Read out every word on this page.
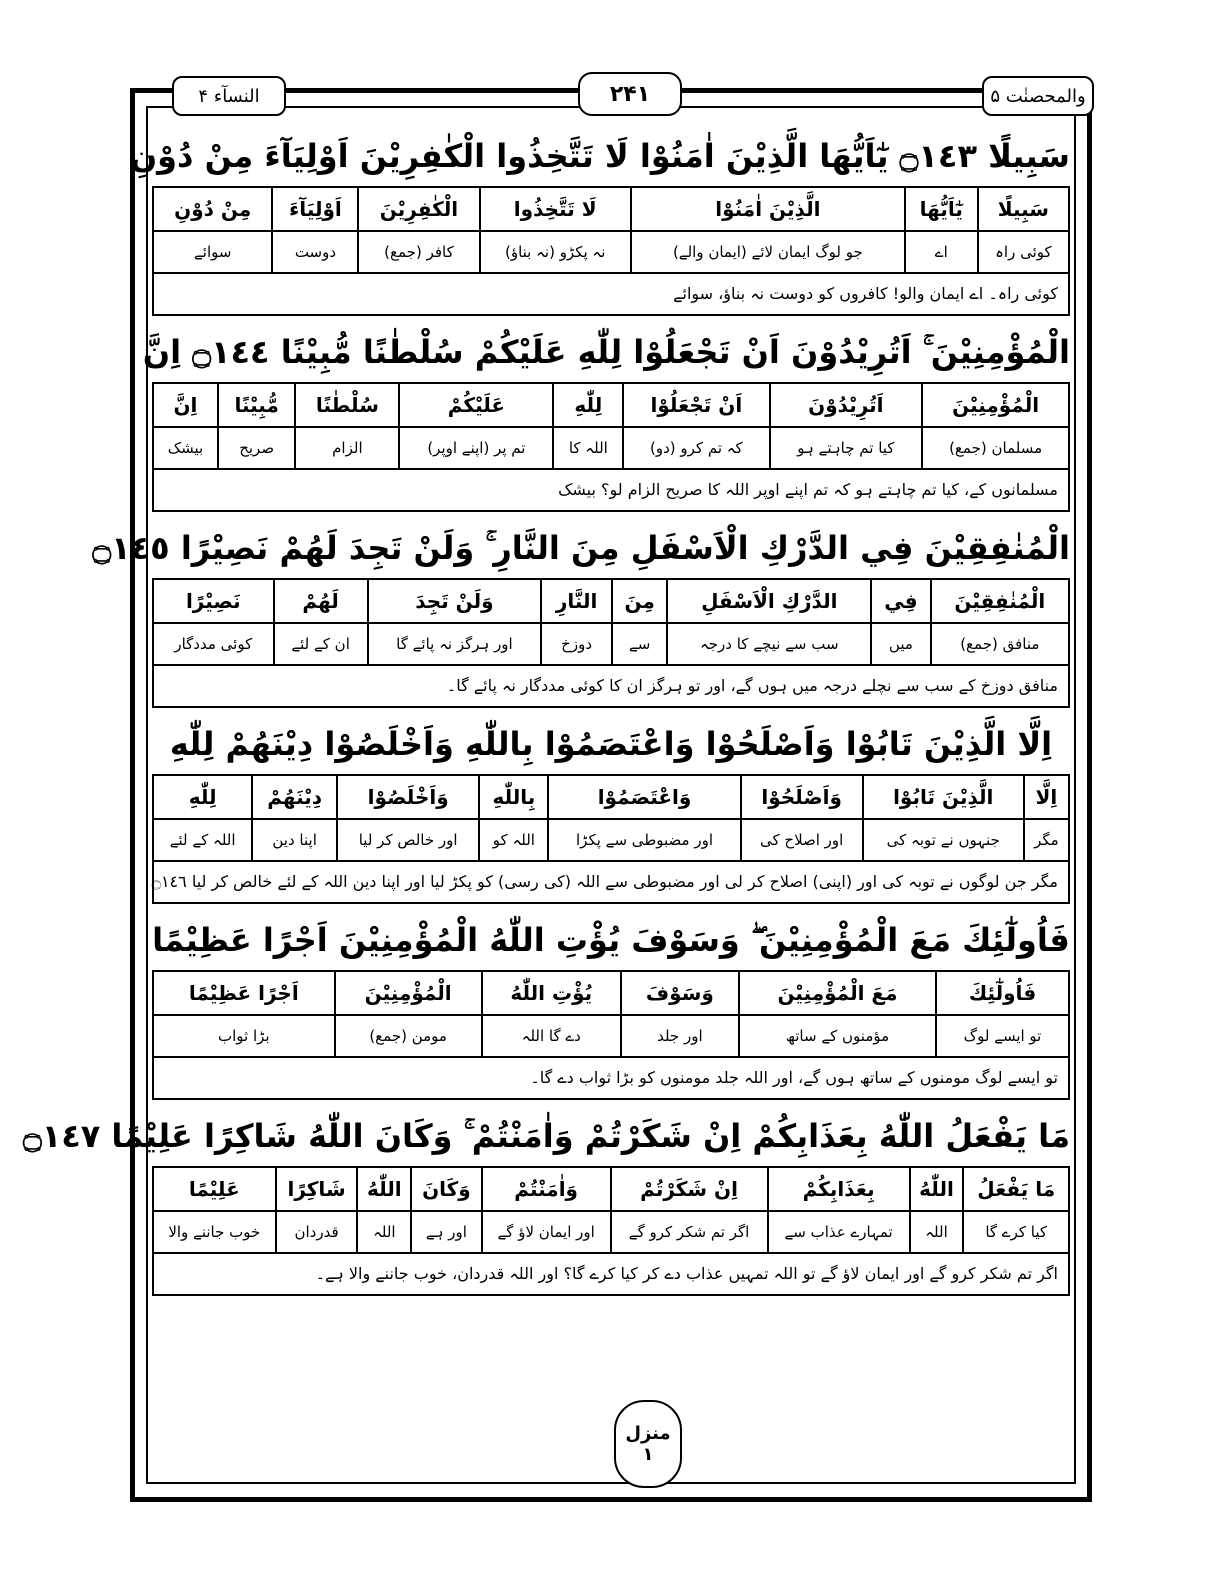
النسآء ۴	۲۴۱	والمحصنٰت ۵
سَبِيلًا ۝١٤٣ يٰٓاَيُّهَا الَّذِيْنَ اٰمَنُوْا لَا تَتَّخِذُوا الْكٰفِرِيْنَ اَوْلِيَآءَ مِنْ دُوْنِ
سَبِيلًا	يٰٓاَيُّهَا	الَّذِيْنَ اٰمَنُوْا	لَا تَتَّخِذُوا	الْكٰفِرِيْنَ	اَوْلِيَآءَ	مِنْ دُوْنِ
کوئی راہ	اے	جو لوگ ایمان لائے (ایمان والے)	نہ پکڑو (نہ بناؤ)	کافر (جمع)	دوست	سوائے
کوئی راہ۔ اے ایمان والو! کافروں کو دوست نہ بناؤ، سوائے
الْمُؤْمِنِيْنَ ۚ اَتُرِيْدُوْنَ اَنْ تَجْعَلُوْا لِلّٰهِ عَلَيْكُمْ سُلْطٰنًا مُّبِيْنًا ۝١٤٤ اِنَّ
الْمُؤْمِنِيْنَ	اَتُرِيْدُوْنَ	اَنْ تَجْعَلُوْا	لِلّٰهِ	عَلَيْكُمْ	سُلْطٰنًا	مُّبِيْنًا	اِنَّ
مسلمان (جمع)	کیا تم چاہتے ہو	کہ تم کرو (دو)	اللہ کا	تم پر (اپنے اوپر)	الزام	صریح	بیشک
مسلمانوں کے، کیا تم چاہتے ہو کہ تم اپنے اوپر اللہ کا صریح الزام لو؟ بیشک
الْمُنٰفِقِيْنَ فِي الدَّرْكِ الْاَسْفَلِ مِنَ النَّارِ ۚ وَلَنْ تَجِدَ لَهُمْ نَصِيْرًا ۝١٤٥
الْمُنٰفِقِيْنَ	فِي	الدَّرْكِ الْاَسْفَلِ	مِنَ	النَّارِ	وَلَنْ تَجِدَ	لَهُمْ	نَصِيْرًا
منافق (جمع)	میں	سب سے نیچے کا درجہ	سے	دوزخ	اور ہرگز نہ پائے گا	ان کے لئے	کوئی مددگار
منافق دوزخ کے سب سے نچلے درجہ میں ہوں گے، اور تو ہرگز ان کا کوئی مددگار نہ پائے گا۔
اِلَّا الَّذِيْنَ تَابُوْا وَاَصْلَحُوْا وَاعْتَصَمُوْا بِاللّٰهِ وَاَخْلَصُوْا دِيْنَهُمْ لِلّٰهِ
اِلَّا	الَّذِيْنَ تَابُوْا	وَاَصْلَحُوْا	وَاعْتَصَمُوْا	بِاللّٰهِ	وَاَخْلَصُوْا	دِيْنَهُمْ	لِلّٰهِ
مگر	جنہوں نے توبہ کی	اور اصلاح کی	اور مضبوطی سے پکڑا	اللہ کو	اور خالص کر لیا	اپنا دین	اللہ کے لئے
مگر جن لوگوں نے توبہ کی اور (اپنی) اصلاح کر لی اور مضبوطی سے اللہ (کی رسی) کو پکڑ لیا اور اپنا دین اللہ کے لئے خالص کر لیا ۝١٤٦
فَاُولٰٓئِكَ مَعَ الْمُؤْمِنِيْنَ ۖ وَسَوْفَ يُؤْتِ اللّٰهُ الْمُؤْمِنِيْنَ اَجْرًا عَظِيْمًا
فَاُولٰٓئِكَ	مَعَ الْمُؤْمِنِيْنَ	وَسَوْفَ	يُؤْتِ اللّٰهُ	الْمُؤْمِنِيْنَ	اَجْرًا عَظِيْمًا
تو ایسے لوگ	مؤمنوں کے ساتھ	اور جلد	دے گا اللہ	مومن (جمع)	بڑا ثواب
تو ایسے لوگ مومنوں کے ساتھ ہوں گے، اور اللہ جلد مومنوں کو بڑا ثواب دے گا۔
مَا يَفْعَلُ اللّٰهُ بِعَذَابِكُمْ اِنْ شَكَرْتُمْ وَاٰمَنْتُمْ ۚ وَكَانَ اللّٰهُ شَاكِرًا عَلِيْمًا ۝١٤٧
مَا يَفْعَلُ	اللّٰهُ	بِعَذَابِكُمْ	اِنْ شَكَرْتُمْ	وَاٰمَنْتُمْ	وَكَانَ	اللّٰهُ	شَاكِرًا	عَلِيْمًا
کیا کرے گا	اللہ	تمہارے عذاب سے	اگر تم شکر کرو گے	اور ایمان لاؤ گے	اور ہے	اللہ	قدردان	خوب جاننے والا
اگر تم شکر کرو گے اور ایمان لاؤ گے تو اللہ تمہیں عذاب دے کر کیا کرے گا؟ اور اللہ قدردان، خوب جاننے والا ہے۔
منزل
۱
